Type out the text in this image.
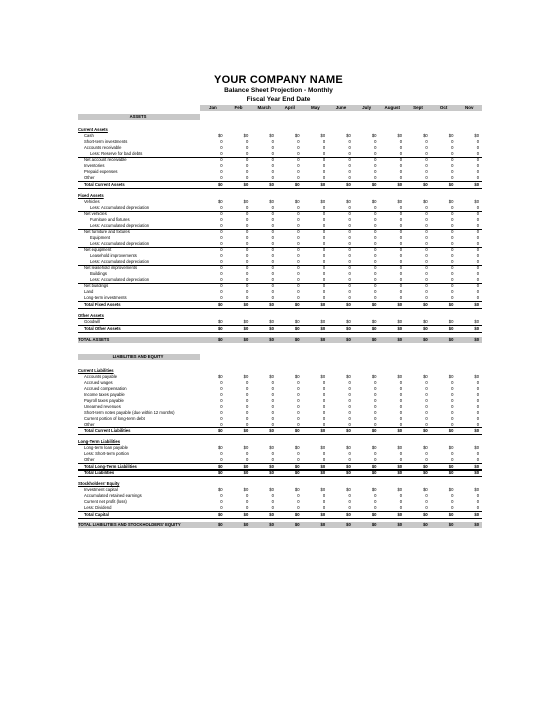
YOUR COMPANY NAME
Balance Sheet Projection - Monthly
Fiscal Year End Date
Jan	Feb	March	April	May	June	July	August	Sept	Oct	Nov
ASSETS
Current Assets
Cash	$0	$0	$0	$0	$0	$0	$0	$0	$0	$0	$0
Short-term investments	0	0	0	0	0	0	0	0	0	0	0
Accounts receivable	0	0	0	0	0	0	0	0	0	0	0
Less: Reserve for bad debts	0	0	0	0	0	0	0	0	0	0	0
Net account receivable	0	0	0	0	0	0	0	0	0	0	0
Inventories	0	0	0	0	0	0	0	0	0	0	0
Prepaid expenses	0	0	0	0	0	0	0	0	0	0	0
Other	0	0	0	0	0	0	0	0	0	0	0
Total Current Assets	$0	$0	$0	$0	$0	$0	$0	$0	$0	$0	$0
Fixed Assets
Vehicles	$0	$0	$0	$0	$0	$0	$0	$0	$0	$0	$0
Less: Accumulated depreciation	0	0	0	0	0	0	0	0	0	0	0
Net vehicles	0	0	0	0	0	0	0	0	0	0	0
Furniture and fixtures	0	0	0	0	0	0	0	0	0	0	0
Less: Accumulated depreciation	0	0	0	0	0	0	0	0	0	0	0
Net furniture and fixtures	0	0	0	0	0	0	0	0	0	0	0
Equipment	0	0	0	0	0	0	0	0	0	0	0
Less: Accumulated depreciation	0	0	0	0	0	0	0	0	0	0	0
Net equipment	0	0	0	0	0	0	0	0	0	0	0
Leasehold improvements	0	0	0	0	0	0	0	0	0	0	0
Less: Accumulated depreciation	0	0	0	0	0	0	0	0	0	0	0
Net leasehold improvements	0	0	0	0	0	0	0	0	0	0	0
Buildings	0	0	0	0	0	0	0	0	0	0	0
Less: Accumulated depreciation	0	0	0	0	0	0	0	0	0	0	0
Net buildings	0	0	0	0	0	0	0	0	0	0	0
Land	0	0	0	0	0	0	0	0	0	0	0
Long-term investments	0	0	0	0	0	0	0	0	0	0	0
Total Fixed Assets	$0	$0	$0	$0	$0	$0	$0	$0	$0	$0	$0
Other Assets
Goodwill	$0	$0	$0	$0	$0	$0	$0	$0	$0	$0	$0
Total Other Assets	$0	$0	$0	$0	$0	$0	$0	$0	$0	$0	$0
TOTAL ASSETS	$0	$0	$0	$0	$0	$0	$0	$0	$0	$0	$0
LIABILITIES AND EQUITY
Current Liabilities
Accounts payable	$0	$0	$0	$0	$0	$0	$0	$0	$0	$0	$0
Accrued wages	0	0	0	0	0	0	0	0	0	0	0
Accrued compensation	0	0	0	0	0	0	0	0	0	0	0
Income taxes payable	0	0	0	0	0	0	0	0	0	0	0
Payroll taxes payable	0	0	0	0	0	0	0	0	0	0	0
Unearned revenues	0	0	0	0	0	0	0	0	0	0	0
Short-term notes payable (due within 12 months)	0	0	0	0	0	0	0	0	0	0	0
Current portion of long-term debt	0	0	0	0	0	0	0	0	0	0	0
Other	0	0	0	0	0	0	0	0	0	0	0
Total Current Liabilities	$0	$0	$0	$0	$0	$0	$0	$0	$0	$0	$0
Long-Term Liabilities
Long-term loan payable	$0	$0	$0	$0	$0	$0	$0	$0	$0	$0	$0
Less: Short-term portion	0	0	0	0	0	0	0	0	0	0	0
Other	0	0	0	0	0	0	0	0	0	0	0
Total Long-Term Liabilities	$0	$0	$0	$0	$0	$0	$0	$0	$0	$0	$0
Total Liabilities	$0	$0	$0	$0	$0	$0	$0	$0	$0	$0	$0
Stockholders' Equity
Investment capital	$0	$0	$0	$0	$0	$0	$0	$0	$0	$0	$0
Accumulated retained earnings	0	0	0	0	0	0	0	0	0	0	0
Current net profit (loss)	0	0	0	0	0	0	0	0	0	0	0
Less: Dividend	0	0	0	0	0	0	0	0	0	0	0
Total Capital	$0	$0	$0	$0	$0	$0	$0	$0	$0	$0	$0
TOTAL LIABILITIES AND STOCKHOLDERS' EQUITY	$0	$0	$0	$0	$0	$0	$0	$0	$0	$0	$0
